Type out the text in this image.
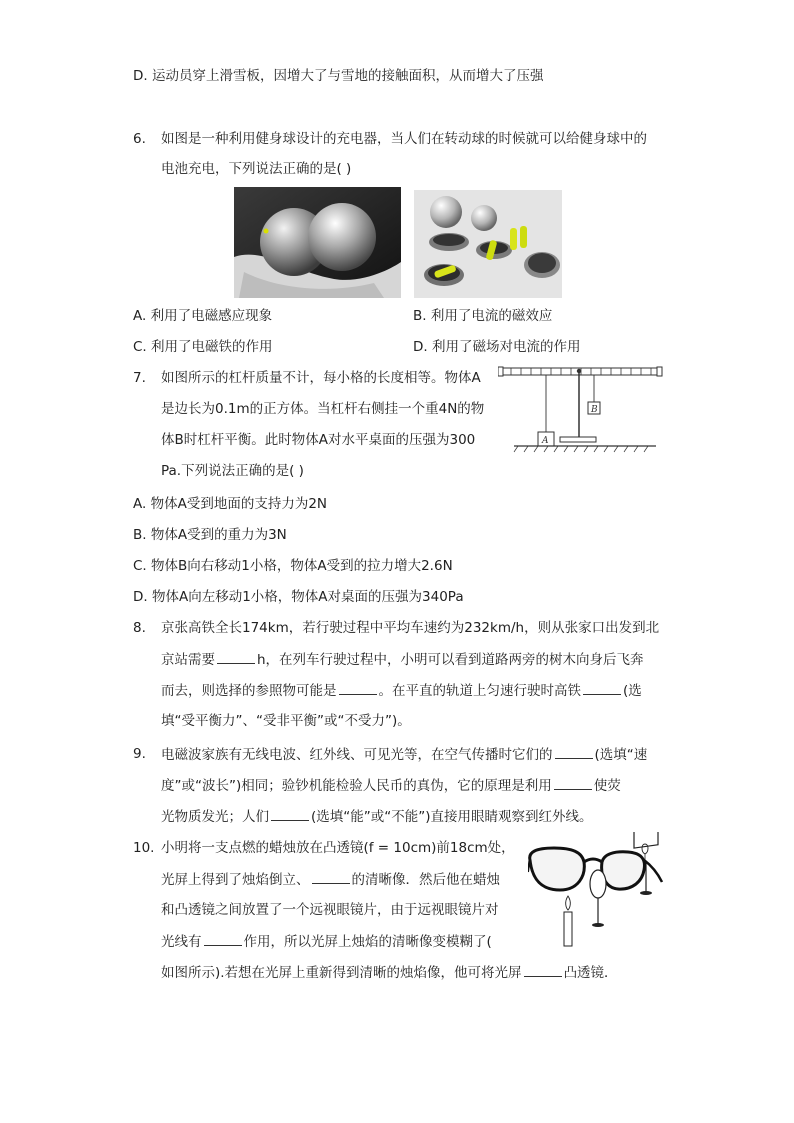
D. 运动员穿上滑雪板，因增大了与雪地的接触面积，从而增大了压强
6. 如图是一种利用健身球设计的充电器，当人们在转动球的时候就可以给健身球中的
电池充电，下列说法正确的是( )
A. 利用了电磁感应现象	B. 利用了电流的磁效应
C. 利用了电磁铁的作用	D. 利用了磁场对电流的作用
7. 如图所示的杠杆质量不计，每小格的长度相等。物体A
是边长为0.1m的正方体。当杠杆右侧挂一个重4N的物
体B时杠杆平衡。此时物体A对水平桌面的压强为300
Pa.下列说法正确的是( )
A
B
A. 物体A受到地面的支持力为2N
B. 物体A受到的重力为3N
C. 物体B向右移动1小格，物体A受到的拉力增大2.6N
D. 物体A向左移动1小格，物体A对桌面的压强为340Pa
8. 京张高铁全长174km，若行驶过程中平均车速约为232km/h，则从张家口出发到北
京站需要	h，在列车行驶过程中，小明可以看到道路两旁的树木向身后飞奔
而去，则选择的参照物可能是	。在平直的轨道上匀速行驶时高铁	(选
填“受平衡力”、“受非平衡”或“不受力”)。
9. 电磁波家族有无线电波、红外线、可见光等，在空气传播时它们的	(选填“速
度”或“波长”)相同；验钞机能检验人民币的真伪，它的原理是利用	使荧
光物质发光；人们	(选填“能”或“不能”)直接用眼睛观察到红外线。
10. 小明将一支点燃的蜡烛放在凸透镜(f = 10cm)前18cm处，
光屏上得到了烛焰倒立、	的清晰像．然后他在蜡烛
和凸透镜之间放置了一个远视眼镜片，由于远视眼镜片对
光线有	作用，所以光屏上烛焰的清晰像变模糊了(
如图所示).若想在光屏上重新得到清晰的烛焰像，他可将光屏	凸透镜．
